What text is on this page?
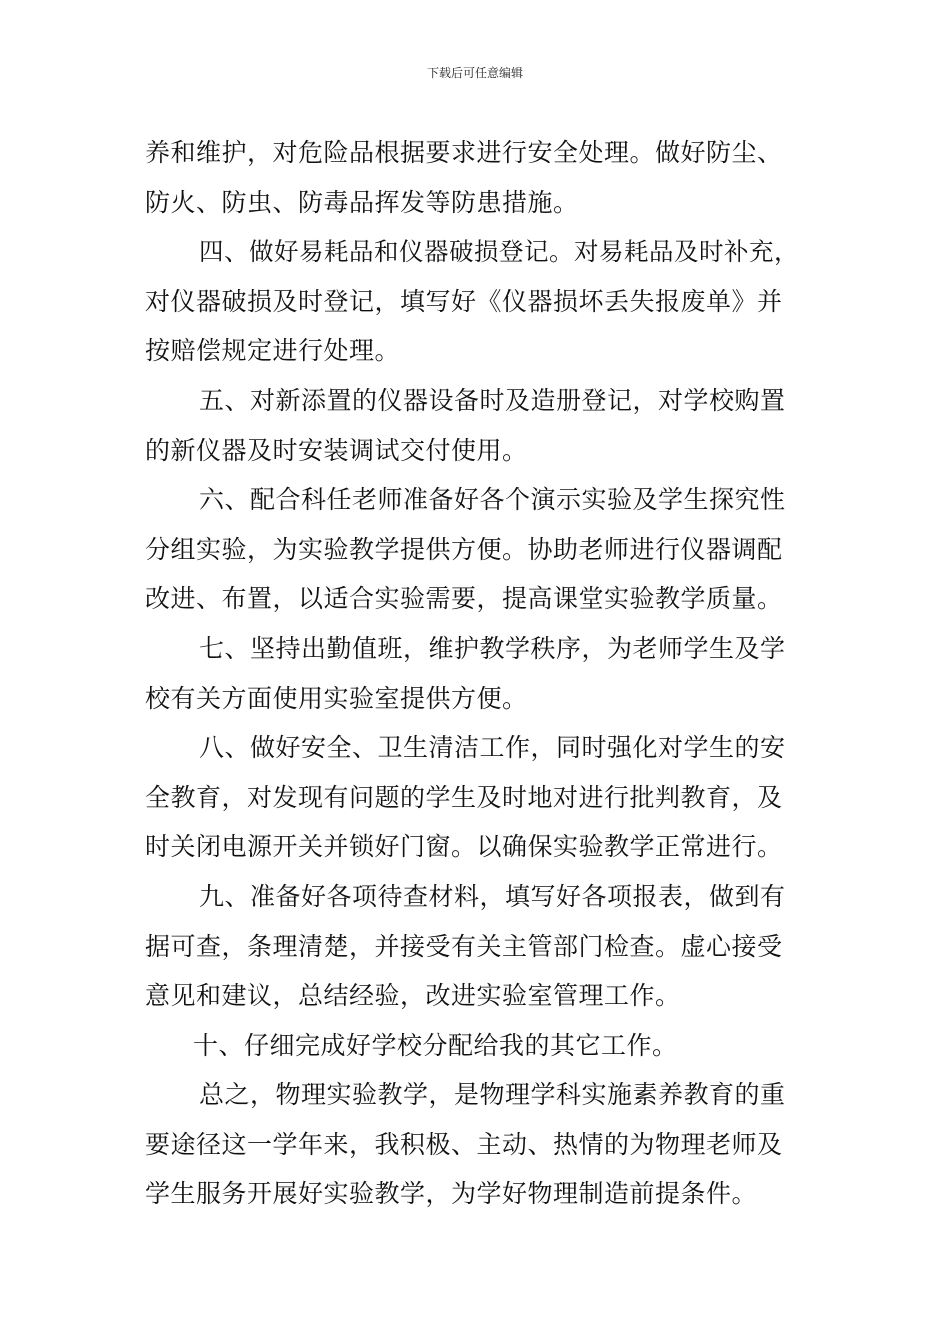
下载后可任意编辑

养和维护，对危险品根据要求进行安全处理。做好防尘、

防火、防虫、防毒品挥发等防患措施。

四、做好易耗品和仪器破损登记。对易耗品及时补充，

对仪器破损及时登记，填写好《仪器损坏丢失报废单》并

按赔偿规定进行处理。

五、对新添置的仪器设备时及造册登记，对学校购置

的新仪器及时安装调试交付使用。

六、配合科任老师准备好各个演示实验及学生探究性

分组实验，为实验教学提供方便。协助老师进行仪器调配

改进、布置，以适合实验需要，提高课堂实验教学质量。

七、坚持出勤值班，维护教学秩序，为老师学生及学

校有关方面使用实验室提供方便。

八、做好安全、卫生清洁工作，同时强化对学生的安

全教育，对发现有问题的学生及时地对进行批判教育，及

时关闭电源开关并锁好门窗。以确保实验教学正常进行。

九、准备好各项待查材料，填写好各项报表，做到有

据可查，条理清楚，并接受有关主管部门检查。虚心接受

意见和建议，总结经验，改进实验室管理工作。

十、仔细完成好学校分配给我的其它工作。

总之，物理实验教学，是物理学科实施素养教育的重

要途径这一学年来，我积极、主动、热情的为物理老师及

学生服务开展好实验教学，为学好物理制造前提条件。
